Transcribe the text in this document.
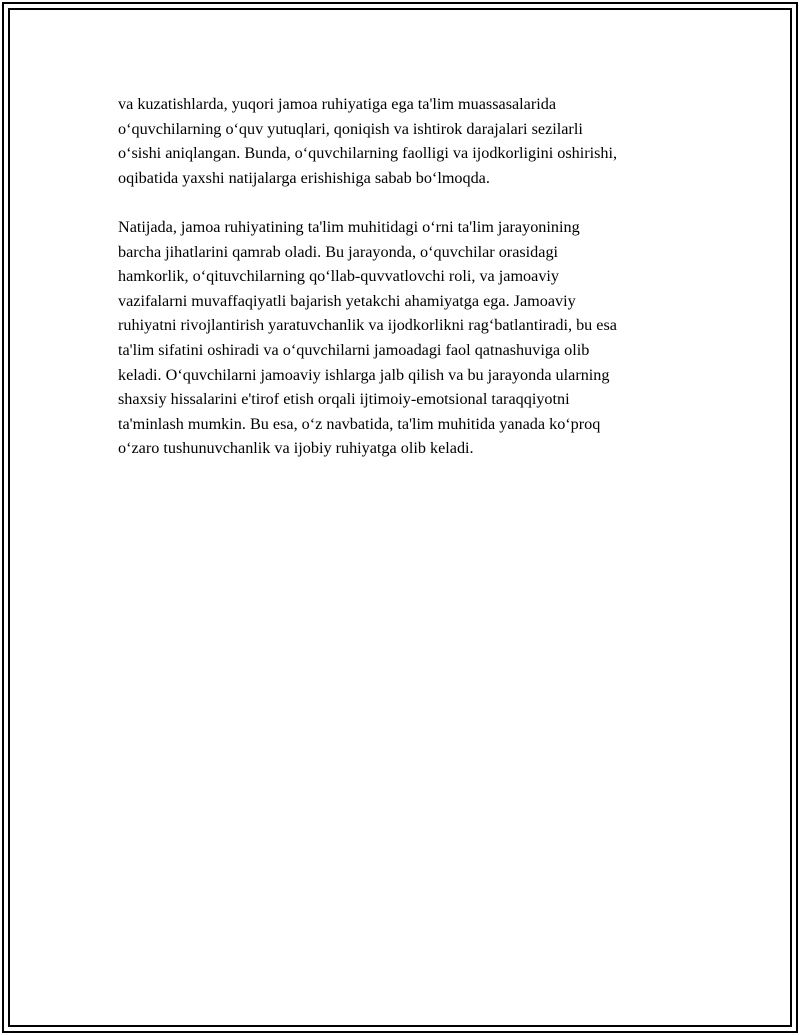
va kuzatishlarda, yuqori jamoa ruhiyatiga ega ta'lim muassasalarida
o‘quvchilarning o‘quv yutuqlari, qoniqish va ishtirok darajalari sezilarli
o‘sishi aniqlangan. Bunda, o‘quvchilarning faolligi va ijodkorligini oshirishi,
oqibatida yaxshi natijalarga erishishiga sabab bo‘lmoqda.

Natijada, jamoa ruhiyatining ta'lim muhitidagi o‘rni ta'lim jarayonining
barcha jihatlarini qamrab oladi. Bu jarayonda, o‘quvchilar orasidagi
hamkorlik, o‘qituvchilarning qo‘llab-quvvatlovchi roli, va jamoaviy
vazifalarni muvaffaqiyatli bajarish yetakchi ahamiyatga ega. Jamoaviy
ruhiyatni rivojlantirish yaratuvchanlik va ijodkorlikni rag‘batlantiradi, bu esa
ta'lim sifatini oshiradi va o‘quvchilarni jamoadagi faol qatnashuviga olib
keladi. O‘quvchilarni jamoaviy ishlarga jalb qilish va bu jarayonda ularning
shaxsiy hissalarini e'tirof etish orqali ijtimoiy-emotsional taraqqiyotni
ta'minlash mumkin. Bu esa, o‘z navbatida, ta'lim muhitida yanada ko‘proq
o‘zaro tushunuvchanlik va ijobiy ruhiyatga olib keladi.
